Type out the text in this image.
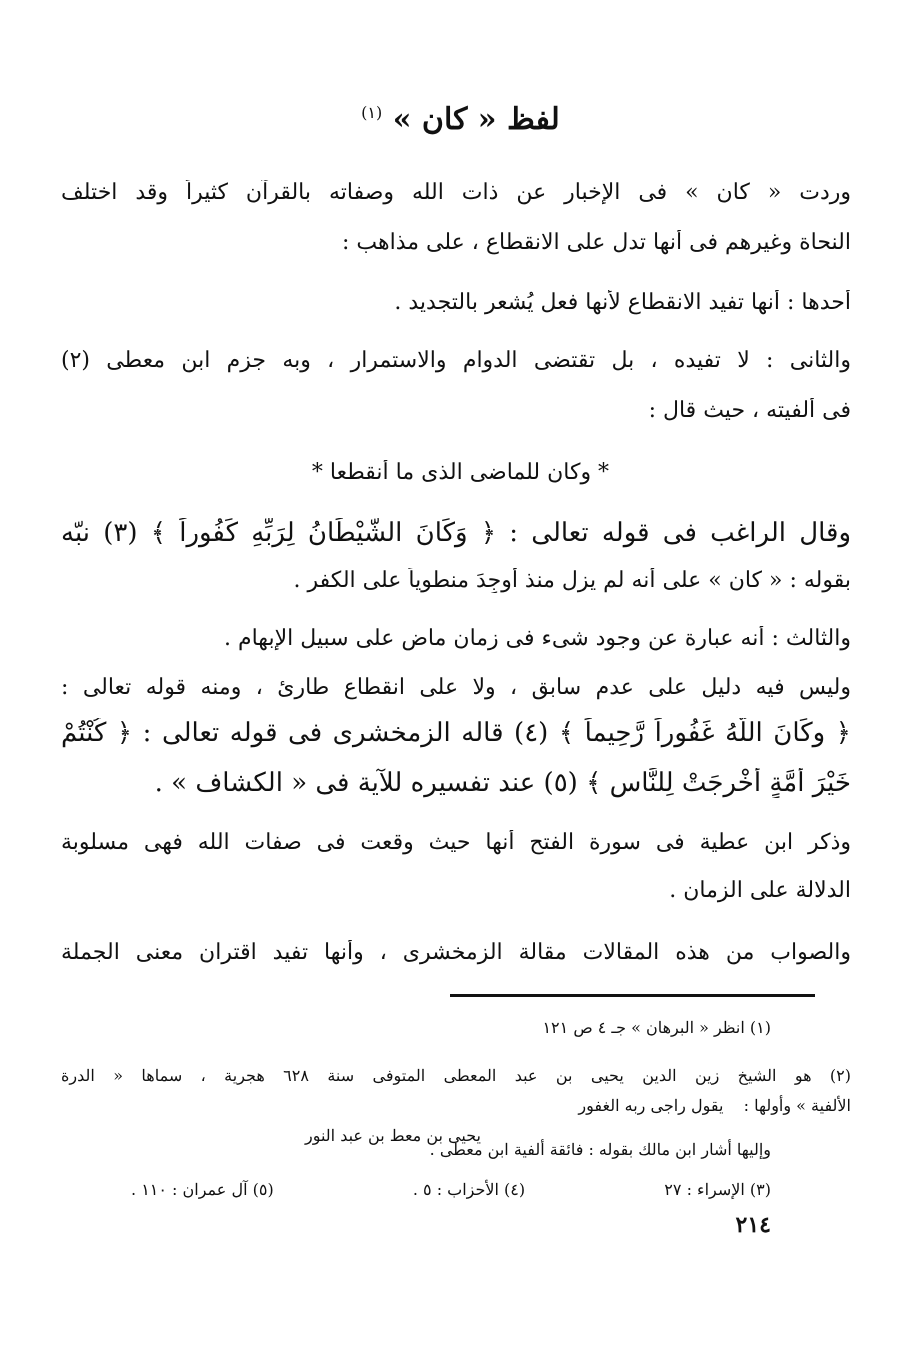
لفظ « كان » $^{(١)}$
وردت « كان » فى الإخبار عن ذات الله وصفاته بالقرآن كثيراً وقد اختلف
النحاة وغيرهم فى أنها تدل على الانقطاع ، على مذاهب :
أحدها : أنها تفيد الانقطاع لأنها فعل يُشعر بالتجديد .
والثانى : لا تفيده ، بل تقتضى الدوام والاستمرار ، وبه جزم ابن معطى (٢)
فى ألفيته ، حيث قال :
* وكان للماضى الذى ما أنقطعا *
وقال الراغب فى قوله تعالى : ﴿ وَكَانَ الشَّيْطَانُ لِرَبِّهِ كَفُوراً ﴾ (٣) نبّه
بقوله : « كان » على أنه لم يزل منذ أُوجِدَ منطوياً على الكفر .
والثالث : أنه عبارة عن وجود شىء فى زمان ماض على سبيل الإبهام .
وليس فيه دليل على عدم سابق ، ولا على انقطاع طارئ ، ومنه قوله تعالى :
﴿ وكَانَ اللَّهُ غَفُوراً رَّحِيماً ﴾ (٤) قاله الزمخشرى فى قوله تعالى : ﴿ كُنْتُمْ
خَيْرَ أُمَّةٍ أُخْرِجَتْ لِلنَّاسِ ﴾ (٥) عند تفسيره للآية فى « الكشاف » .
وذكر ابن عطية فى سورة الفتح أنها حيث وقعت فى صفات الله فهى مسلوبة
الدلالة على الزمان .
والصواب من هذه المقالات مقالة الزمخشرى ، وأنها تفيد اقتران معنى الجملة
(١) انظر « البرهان » جـ ٤ ص ١٢١
(٢) هو الشيخ زين الدين يحيى بن عبد المعطى المتوفى سنة ٦٢٨ هجرية ، سماها « الدرة
الألفية » وأولها :  يقول راجى ربه الغفور
يحيى بن معط بن عبد النور
وإليها أشار ابن مالك بقوله : فائقة ألفية ابن معطى .
(٣) الإسراء : ٢٧
(٤) الأحزاب : ٥ .
(٥) آل عمران : ١١٠ .
٢١٤
